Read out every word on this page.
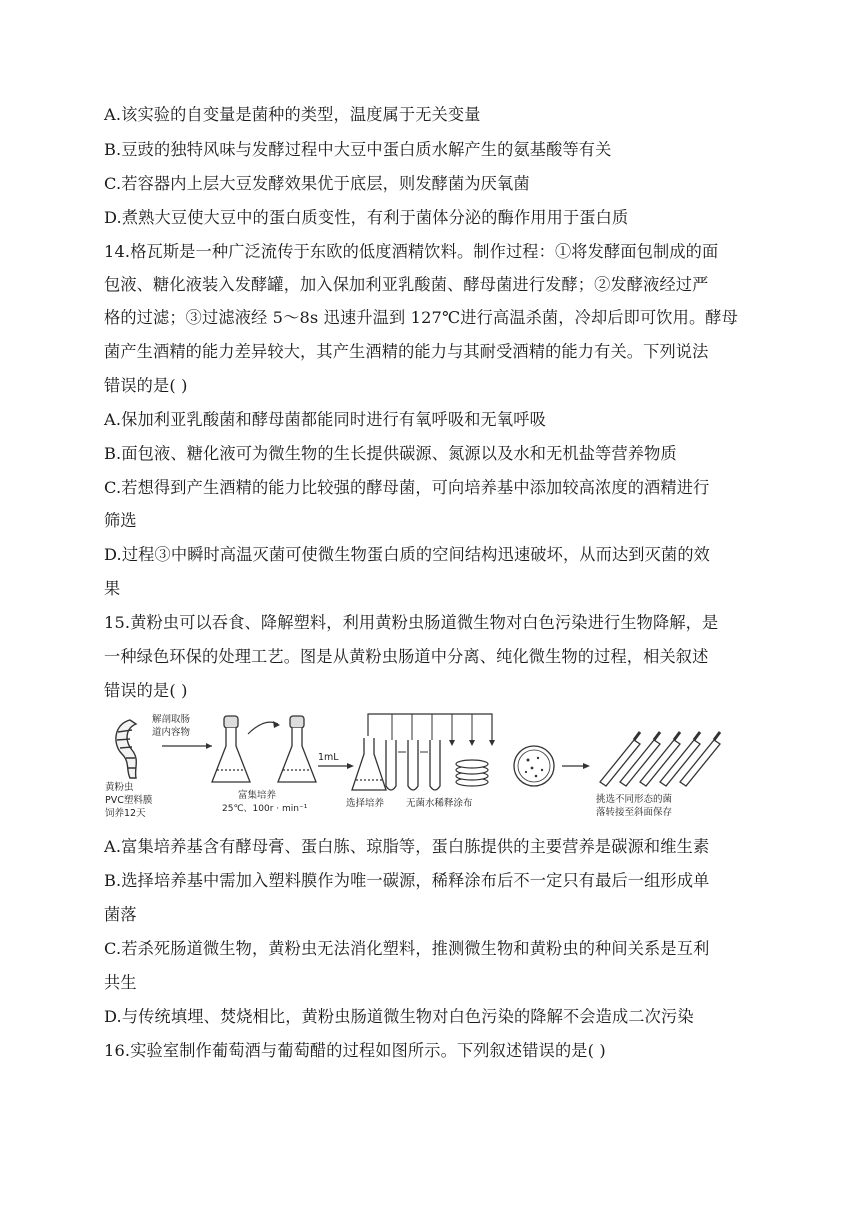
A.该实验的自变量是菌种的类型，温度属于无关变量
B.豆豉的独特风味与发酵过程中大豆中蛋白质水解产生的氨基酸等有关
C.若容器内上层大豆发酵效果优于底层，则发酵菌为厌氧菌
D.煮熟大豆使大豆中的蛋白质变性，有利于菌体分泌的酶作用用于蛋白质
14.格瓦斯是一种广泛流传于东欧的低度酒精饮料。制作过程：①将发酵面包制成的面
包液、糖化液装入发酵罐，加入保加利亚乳酸菌、酵母菌进行发酵；②发酵液经过严
格的过滤；③过滤液经 5～8s 迅速升温到 127℃进行高温杀菌，冷却后即可饮用。酵母
菌产生酒精的能力差异较大，其产生酒精的能力与其耐受酒精的能力有关。下列说法
错误的是( )
A.保加利亚乳酸菌和酵母菌都能同时进行有氧呼吸和无氧呼吸
B.面包液、糖化液可为微生物的生长提供碳源、氮源以及水和无机盐等营养物质
C.若想得到产生酒精的能力比较强的酵母菌，可向培养基中添加较高浓度的酒精进行
筛选
D.过程③中瞬时高温灭菌可使微生物蛋白质的空间结构迅速破坏，从而达到灭菌的效
果
15.黄粉虫可以吞食、降解塑料，利用黄粉虫肠道微生物对白色污染进行生物降解，是
一种绿色环保的处理工艺。图是从黄粉虫肠道中分离、纯化微生物的过程，相关叙述
错误的是( )
黄粉虫
PVC塑料膜
饲养12天
解剖取肠
道内容物
富集培养
25℃、100r · min⁻¹
1mL
选择培养 无菌水稀释涂布	挑选不同形态的菌
落转接至斜面保存
A.富集培养基含有酵母膏、蛋白胨、琼脂等，蛋白胨提供的主要营养是碳源和维生素
B.选择培养基中需加入塑料膜作为唯一碳源，稀释涂布后不一定只有最后一组形成单
菌落
C.若杀死肠道微生物，黄粉虫无法消化塑料，推测微生物和黄粉虫的种间关系是互利
共生
D.与传统填埋、焚烧相比，黄粉虫肠道微生物对白色污染的降解不会造成二次污染
16.实验室制作葡萄酒与葡萄醋的过程如图所示。下列叙述错误的是( )
